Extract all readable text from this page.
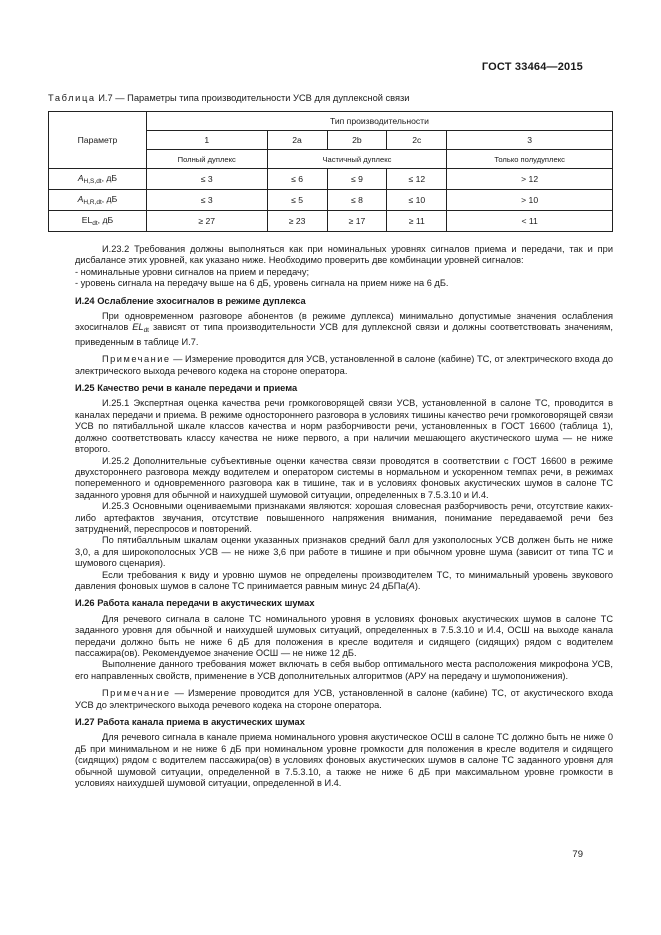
ГОСТ 33464—2015
Таблица И.7 — Параметры типа производительности УСВ для дуплексной связи
Параметр	Тип производительности				
	1	2a	2b	2c	3
	Полный дуплекс	Частичный дуплекс			Только полудуплекс
$A_{H,S,dt}$, дБ	≤ 3	≤ 6	≤ 9	≤ 12	> 12
$A_{H,R,dt}$, дБ	≤ 3	≤ 5	≤ 8	≤ 10	> 10
$EL_{dt}$, дБ	≥ 27	≥ 23	≥ 17	≥ 11	< 11

И.23.2 Требования должны выполняться как при номинальных уровнях сигналов приема и передачи, так и при дисбалансе этих уровней, как указано ниже. Необходимо проверить две комбинации уровней сигналов:

- номинальные уровни сигналов на прием и передачу;

- уровень сигнала на передачу выше на 6 дБ, уровень сигнала на прием ниже на 6 дБ.

И.24 Ослабление эхосигналов в режиме дуплекса

При одновременном разговоре абонентов (в режиме дуплекса) минимально допустимые значения ослабления эхосигналов $EL_{dt}$ зависят от типа производительности УСВ для дуплексной связи и должны соответствовать значениям, приведенным в таблице И.7.

Примечание — Измерение проводится для УСВ, установленной в салоне (кабине) ТС, от электрического входа до электрического выхода речевого кодека на стороне оператора.

И.25 Качество речи в канале передачи и приема

И.25.1 Экспертная оценка качества речи громкоговорящей связи УСВ, установленной в салоне ТС, проводится в каналах передачи и приема. В режиме одностороннего разговора в условиях тишины качество речи громкоговорящей связи УСВ по пятибалльной шкале классов качества и норм разборчивости речи, установленных в ГОСТ 16600 (таблица 1), должно соответствовать классу качества не ниже первого, а при наличии мешающего акустического шума — не ниже второго.

И.25.2 Дополнительные субъективные оценки качества связи проводятся в соответствии с ГОСТ 16600 в режиме двухстороннего разговора между водителем и оператором системы в нормальном и ускоренном темпах речи, в режимах попеременного и одновременного разговора как в тишине, так и в условиях фоновых акустических шумов в салоне ТС заданного уровня для обычной и наихудшей шумовой ситуации, определенных в 7.5.3.10 и И.4.

И.25.3 Основными оцениваемыми признаками являются: хорошая словесная разборчивость речи, отсутствие каких-либо артефактов звучания, отсутствие повышенного напряжения внимания, понимание передаваемой речи без затруднений, переспросов и повторений.

По пятибалльным шкалам оценки указанных признаков средний балл для узкополосных УСВ должен быть не ниже 3,0, а для широкополосных УСВ — не ниже 3,6 при работе в тишине и при обычном уровне шума (зависит от типа ТС и шумового сценария).

Если требования к виду и уровню шумов не определены производителем ТС, то минимальный уровень звукового давления фоновых шумов в салоне ТС принимается равным минус 24 дБПа(A).

И.26 Работа канала передачи в акустических шумах

Для речевого сигнала в салоне ТС номинального уровня в условиях фоновых акустических шумов в салоне ТС заданного уровня для обычной и наихудшей шумовых ситуаций, определенных в 7.5.3.10 и И.4, ОСШ на выходе канала передачи должно быть не ниже 6 дБ для положения в кресле водителя и сидящего (сидящих) рядом с водителем пассажира(ов). Рекомендуемое значение ОСШ — не ниже 12 дБ.

Выполнение данного требования может включать в себя выбор оптимального места расположения микрофона УСВ, его направленных свойств, применение в УСВ дополнительных алгоритмов (АРУ на передачу и шумопонижения).

Примечание — Измерение проводится для УСВ, установленной в салоне (кабине) ТС, от акустического входа УСВ до электрического выхода речевого кодека на стороне оператора.

И.27 Работа канала приема в акустических шумах

Для речевого сигнала в канале приема номинального уровня акустическое ОСШ в салоне ТС должно быть не ниже 0 дБ при минимальном и не ниже 6 дБ при номинальном уровне громкости для положения в кресле водителя и сидящего (сидящих) рядом с водителем пассажира(ов) в условиях фоновых акустических шумов в салоне ТС заданного уровня для обычной шумовой ситуации, определенной в 7.5.3.10, а также не ниже 6 дБ при максимальном уровне громкости в условиях наихудшей шумовой ситуации, определенной в И.4.

79
